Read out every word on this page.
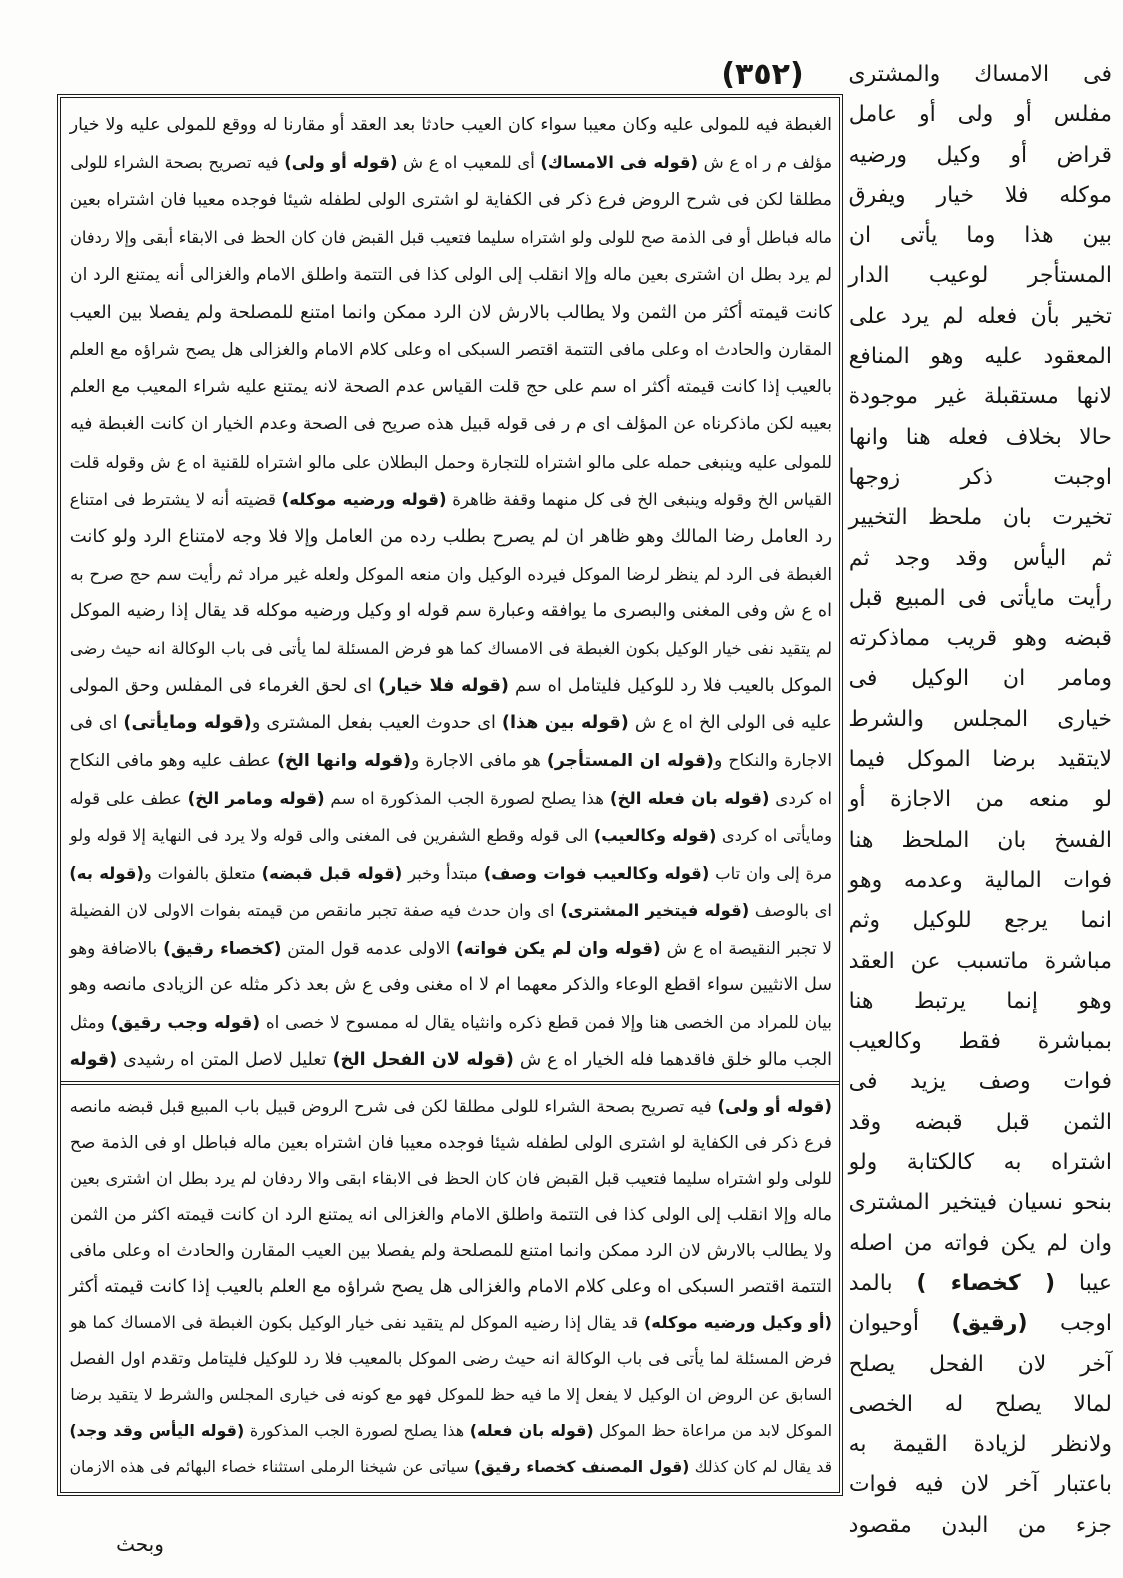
(٣٥٢)
الغبطة فيه للمولى عليه وكان معيبا سواء كان العيب حادثا بعد العقد أو مقارنا له ووقع للمولى عليه ولا خيار
مؤلف م ر اه ع ش (قوله فى الامساك) أى للمعيب اه ع ش (قوله أو ولى) فيه تصريح بصحة الشراء للولى
مطلقا لكن فى شرح الروض فرع ذكر فى الكفاية لو اشترى الولى لطفله شيئا فوجده معيبا فان اشتراه بعين
ماله فباطل أو فى الذمة صح للولى ولو اشتراه سليما فتعيب قبل القبض فان كان الحظ فى الابقاء أبقى وإلا ردفان
لم يرد بطل ان اشترى بعين ماله وإلا انقلب إلى الولى كذا فى التتمة واطلق الامام والغزالى أنه يمتنع الرد ان
كانت قيمته أكثر من الثمن ولا يطالب بالارش لان الرد ممكن وانما امتنع للمصلحة ولم يفصلا بين العيب
المقارن والحادث اه وعلى مافى التتمة اقتصر السبكى اه وعلى كلام الامام والغزالى هل يصح شراؤه مع العلم
بالعيب إذا كانت قيمته أكثر اه سم على حج قلت القياس عدم الصحة لانه يمتنع عليه شراء المعيب مع العلم
بعيبه لكن ماذكرناه عن المؤلف اى م ر فى قوله قبيل هذه صريح فى الصحة وعدم الخيار ان كانت الغبطة فيه
للمولى عليه وينبغى حمله على مالو اشتراه للتجارة وحمل البطلان على مالو اشتراه للقنية اه ع ش وقوله قلت
القياس الخ وقوله وينبغى الخ فى كل منهما وقفة ظاهرة (قوله ورضيه موكله) قضيته أنه لا يشترط فى امتناع
رد العامل رضا المالك وهو ظاهر ان لم يصرح بطلب رده من العامل وإلا فلا وجه لامتناع الرد ولو كانت
الغبطة فى الرد لم ينظر لرضا الموكل فيرده الوكيل وان منعه الموكل ولعله غير مراد ثم رأيت سم حج صرح به
اه ع ش وفى المغنى والبصرى ما يوافقه وعبارة سم قوله او وكيل ورضيه موكله قد يقال إذا رضيه الموكل
لم يتقيد نفى خيار الوكيل بكون الغبطة فى الامساك كما هو فرض المسئلة لما يأتى فى باب الوكالة انه حيث رضى
الموكل بالعيب فلا رد للوكيل فليتامل اه سم (قوله فلا خيار) اى لحق الغرماء فى المفلس وحق المولى
عليه فى الولى الخ اه ع ش (قوله بين هذا) اى حدوث العيب بفعل المشترى و(قوله ومايأتى) اى فى
الاجارة والنكاح و(قوله ان المستأجر) هو مافى الاجارة و(قوله وانها الخ) عطف عليه وهو مافى النكاح
اه كردى (قوله بان فعله الخ) هذا يصلح لصورة الجب المذكورة اه سم (قوله ومامر الخ) عطف على قوله
ومايأتى اه كردى (قوله وكالعيب) الى قوله وقطع الشفرين فى المغنى والى قوله ولا يرد فى النهاية إلا قوله ولو
مرة إلى وان تاب (قوله وكالعيب فوات وصف) مبتدأ وخبر (قوله قبل قبضه) متعلق بالفوات و(قوله به)
اى بالوصف (قوله فيتخير المشترى) اى وان حدث فيه صفة تجبر مانقص من قيمته بفوات الاولى لان الفضيلة
لا تجبر النقيصة اه ع ش (قوله وان لم يكن فواته) الاولى عدمه قول المتن (كخصاء رقيق) بالاضافة وهو
سل الانثيين سواء اقطع الوعاء والذكر معهما ام لا اه مغنى وفى ع ش بعد ذكر مثله عن الزيادى مانصه وهو
بيان للمراد من الخصى هنا وإلا فمن قطع ذكره وانثياه يقال له ممسوح لا خصى اه (قوله وجب رقيق) ومثل
الجب مالو خلق فاقدهما فله الخيار اه ع ش (قوله لان الفحل الخ) تعليل لاصل المتن اه رشيدى (قوله
(قوله أو ولى) فيه تصريح بصحة الشراء للولى مطلقا لكن فى شرح الروض قبيل باب المبيع قبل قبضه مانصه
فرع ذكر فى الكفاية لو اشترى الولى لطفله شيئا فوجده معيبا فان اشتراه بعين ماله فباطل او فى الذمة صح
للولى ولو اشتراه سليما فتعيب قبل القبض فان كان الحظ فى الابقاء ابقى والا ردفان لم يرد بطل ان اشترى بعين
ماله وإلا انقلب إلى الولى كذا فى التتمة واطلق الامام والغزالى انه يمتنع الرد ان كانت قيمته اكثر من الثمن
ولا يطالب بالارش لان الرد ممكن وانما امتنع للمصلحة ولم يفصلا بين العيب المقارن والحادث اه وعلى مافى
التتمة اقتصر السبكى اه وعلى كلام الامام والغزالى هل يصح شراؤه مع العلم بالعيب إذا كانت قيمته أكثر
(أو وكيل ورضيه موكله) قد يقال إذا رضيه الموكل لم يتقيد نفى خيار الوكيل بكون الغبطة فى الامساك كما هو
فرض المسئلة لما يأتى فى باب الوكالة انه حيث رضى الموكل بالمعيب فلا رد للوكيل فليتامل وتقدم اول الفصل
السابق عن الروض ان الوكيل لا يفعل إلا ما فيه حظ للموكل فهو مع كونه فى خيارى المجلس والشرط لا يتقيد برضا
الموكل لابد من مراعاة حظ الموكل (قوله بان فعله) هذا يصلح لصورة الجب المذكورة (قوله اليأس وقد وجد)
قد يقال لم كان كذلك (قول المصنف كخصاء رقيق) سياتى عن شيخنا الرملى استثناء خصاء البهائم فى هذه الازمان
فى الامساك والمشترى
مفلس أو ولى أو عامل
قراض أو وكيل ورضيه
موكله فلا خيار ويفرق
بين هذا وما يأتى ان
المستأجر لوعيب الدار
تخير بأن فعله لم يرد على
المعقود عليه وهو المنافع
لانها مستقبلة غير موجودة
حالا بخلاف فعله هنا وانها
اوجبت ذكر زوجها
تخيرت بان ملحظ التخيير
ثم اليأس وقد وجد ثم
رأيت مايأتى فى المبيع قبل
قبضه وهو قريب مماذكرته
ومامر ان الوكيل فى
خيارى المجلس والشرط
لايتقيد برضا الموكل فيما
لو منعه من الاجازة أو
الفسخ بان الملحظ هنا
فوات المالية وعدمه وهو
انما يرجع للوكيل وثم
مباشرة ماتسبب عن العقد
وهو إنما يرتبط هنا
بمباشرة فقط وكالعيب
فوات وصف يزيد فى
الثمن قبل قبضه وقد
اشتراه به كالكتابة ولو
بنحو نسيان فيتخير المشترى
وان لم يكن فواته من اصله
عيبا ( كخصاء ) بالمد
اوجب (رقيق) أوحيوان
آخر لان الفحل يصلح
لمالا يصلح له الخصى
ولانظر لزيادة القيمة به
باعتبار آخر لان فيه فوات
جزء من البدن مقصود
وبحث
